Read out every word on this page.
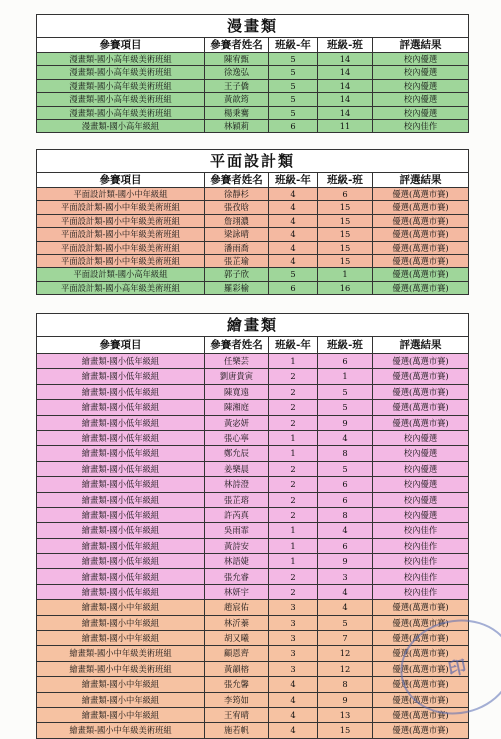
漫畫類				
參賽項目	參賽者姓名	班級-年	班級-班	評選結果
漫畫類-國小高年級美術班組	陳宥甄	5	14	校內優選
漫畫類-國小高年級美術班組	徐逸弘	5	14	校內優選
漫畫類-國小高年級美術班組	王子僑	5	14	校內優選
漫畫類-國小高年級美術班組	黃歆筠	5	14	校內優選
漫畫類-國小高年級美術班組	楊秉騫	5	14	校內優選
漫畫類-國小高年級組	林穎莉	6	11	校內佳作
平面設計類				
參賽項目	參賽者姓名	班級-年	班級-班	評選結果
平面設計類-國小中年級組	徐靜杉	4	6	優選(萬選市賽)
平面設計類-國小中年級美術班組	張孜晗	4	15	優選(萬選市賽)
平面設計類-國小中年級美術班組	詹翊濃	4	15	優選(萬選市賽)
平面設計類-國小中年級美術班組	梁詠晴	4	15	優選(萬選市賽)
平面設計類-國小中年級美術班組	潘雨喬	4	15	優選(萬選市賽)
平面設計類-國小中年級美術班組	張芷瑜	4	15	優選(萬選市賽)
平面設計類-國小高年級組	郭子欣	5	1	優選(萬選市賽)
平面設計類-國小高年級美術班組	羅彩榆	6	16	優選(萬選市賽)
繪畫類				
參賽項目	參賽者姓名	班級-年	班級-班	評選結果
繪畫類-國小低年級組	任樂芸	1	6	優選(萬選市賽)
繪畫類-國小低年級組	劉唐貴寅	2	1	優選(萬選市賽)
繪畫類-國小低年級組	陳寬遠	2	5	優選(萬選市賽)
繪畫類-國小低年級組	陳湘庭	2	5	優選(萬選市賽)
繪畫類-國小低年級組	黃宓妍	2	9	優選(萬選市賽)
繪畫類-國小低年級組	張心寧	1	4	校內優選
繪畫類-國小低年級組	鄭允辰	1	8	校內優選
繪畫類-國小低年級組	姜樂晨	2	5	校內優選
繪畫類-國小低年級組	林詩澄	2	6	校內優選
繪畫類-國小低年級組	張芷瑢	2	6	校內優選
繪畫類-國小低年級組	許芮真	2	8	校內優選
繪畫類-國小低年級組	吳雨霏	1	4	校內佳作
繪畫類-國小低年級組	黃詩安	1	6	校內佳作
繪畫類-國小低年級組	林語婕	1	9	校內佳作
繪畫類-國小低年級組	張允睿	2	3	校內佳作
繪畫類-國小低年級組	林妍宇	2	4	校內佳作
繪畫類-國小中年級組	趙宸佑	3	4	優選(萬選市賽)
繪畫類-國小中年級組	林沂蓁	3	5	優選(萬選市賽)
繪畫類-國小中年級組	胡又曦	3	7	優選(萬選市賽)
繪畫類-國小中年級美術班組	顧恩齊	3	12	優選(萬選市賽)
繪畫類-國小中年級美術班組	黃韻榕	3	12	優選(萬選市賽)
繪畫類-國小中年級組	張允馨	4	8	優選(萬選市賽)
繪畫類-國小中年級組	李筠如	4	9	優選(萬選市賽)
繪畫類-國小中年級組	王宥晴	4	13	優選(萬選市賽)
繪畫類-國小中年級美術班組	施若帆	4	15	優選(萬選市賽)
印
